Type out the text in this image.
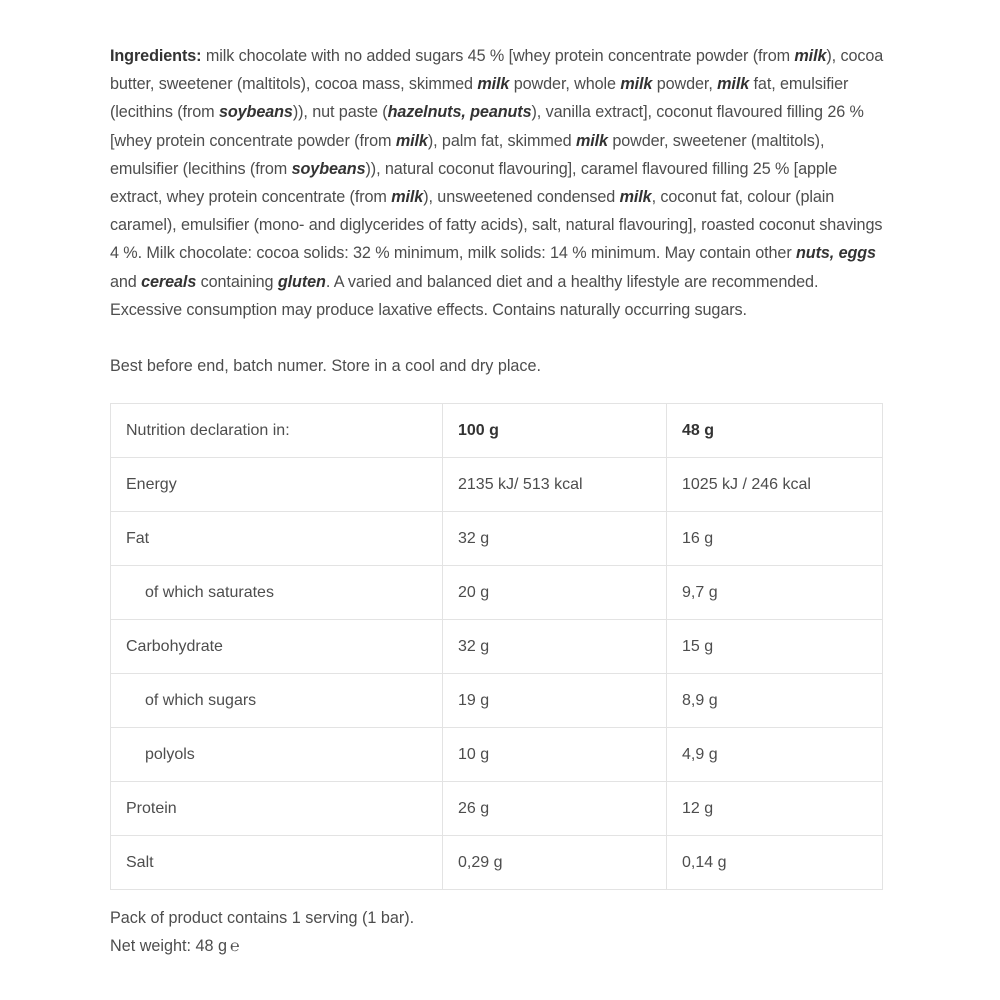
Ingredients: milk chocolate with no added sugars 45 % [whey protein concentrate powder (from milk), cocoa butter, sweetener (maltitols), cocoa mass, skimmed milk powder, whole milk powder, milk fat, emulsifier (lecithins (from soybeans)), nut paste (hazelnuts, peanuts), vanilla extract], coconut flavoured filling 26 % [whey protein concentrate powder (from milk), palm fat, skimmed milk powder, sweetener (maltitols), emulsifier (lecithins (from soybeans)), natural coconut flavouring], caramel flavoured filling 25 % [apple extract, whey protein concentrate (from milk), unsweetened condensed milk, coconut fat, colour (plain caramel), emulsifier (mono- and diglycerides of fatty acids), salt, natural flavouring], roasted coconut shavings 4 %. Milk chocolate: cocoa solids: 32 % minimum, milk solids: 14 % minimum. May contain other nuts, eggs and cereals containing gluten. A varied and balanced diet and a healthy lifestyle are recommended. Excessive consumption may produce laxative effects. Contains naturally occurring sugars.

Best before end, batch numer. Store in a cool and dry place.

Nutrition declaration in:	100 g	48 g
Energy	2135 kJ/ 513 kcal	1025 kJ / 246 kcal
Fat	32 g	16 g
of which saturates	20 g	9,7 g
Carbohydrate	32 g	15 g
of which sugars	19 g	8,9 g
polyols	10 g	4,9 g
Protein	26 g	12 g
Salt	0,29 g	0,14 g

Pack of product contains 1 serving (1 bar).

Net weight: 48 g ℮
